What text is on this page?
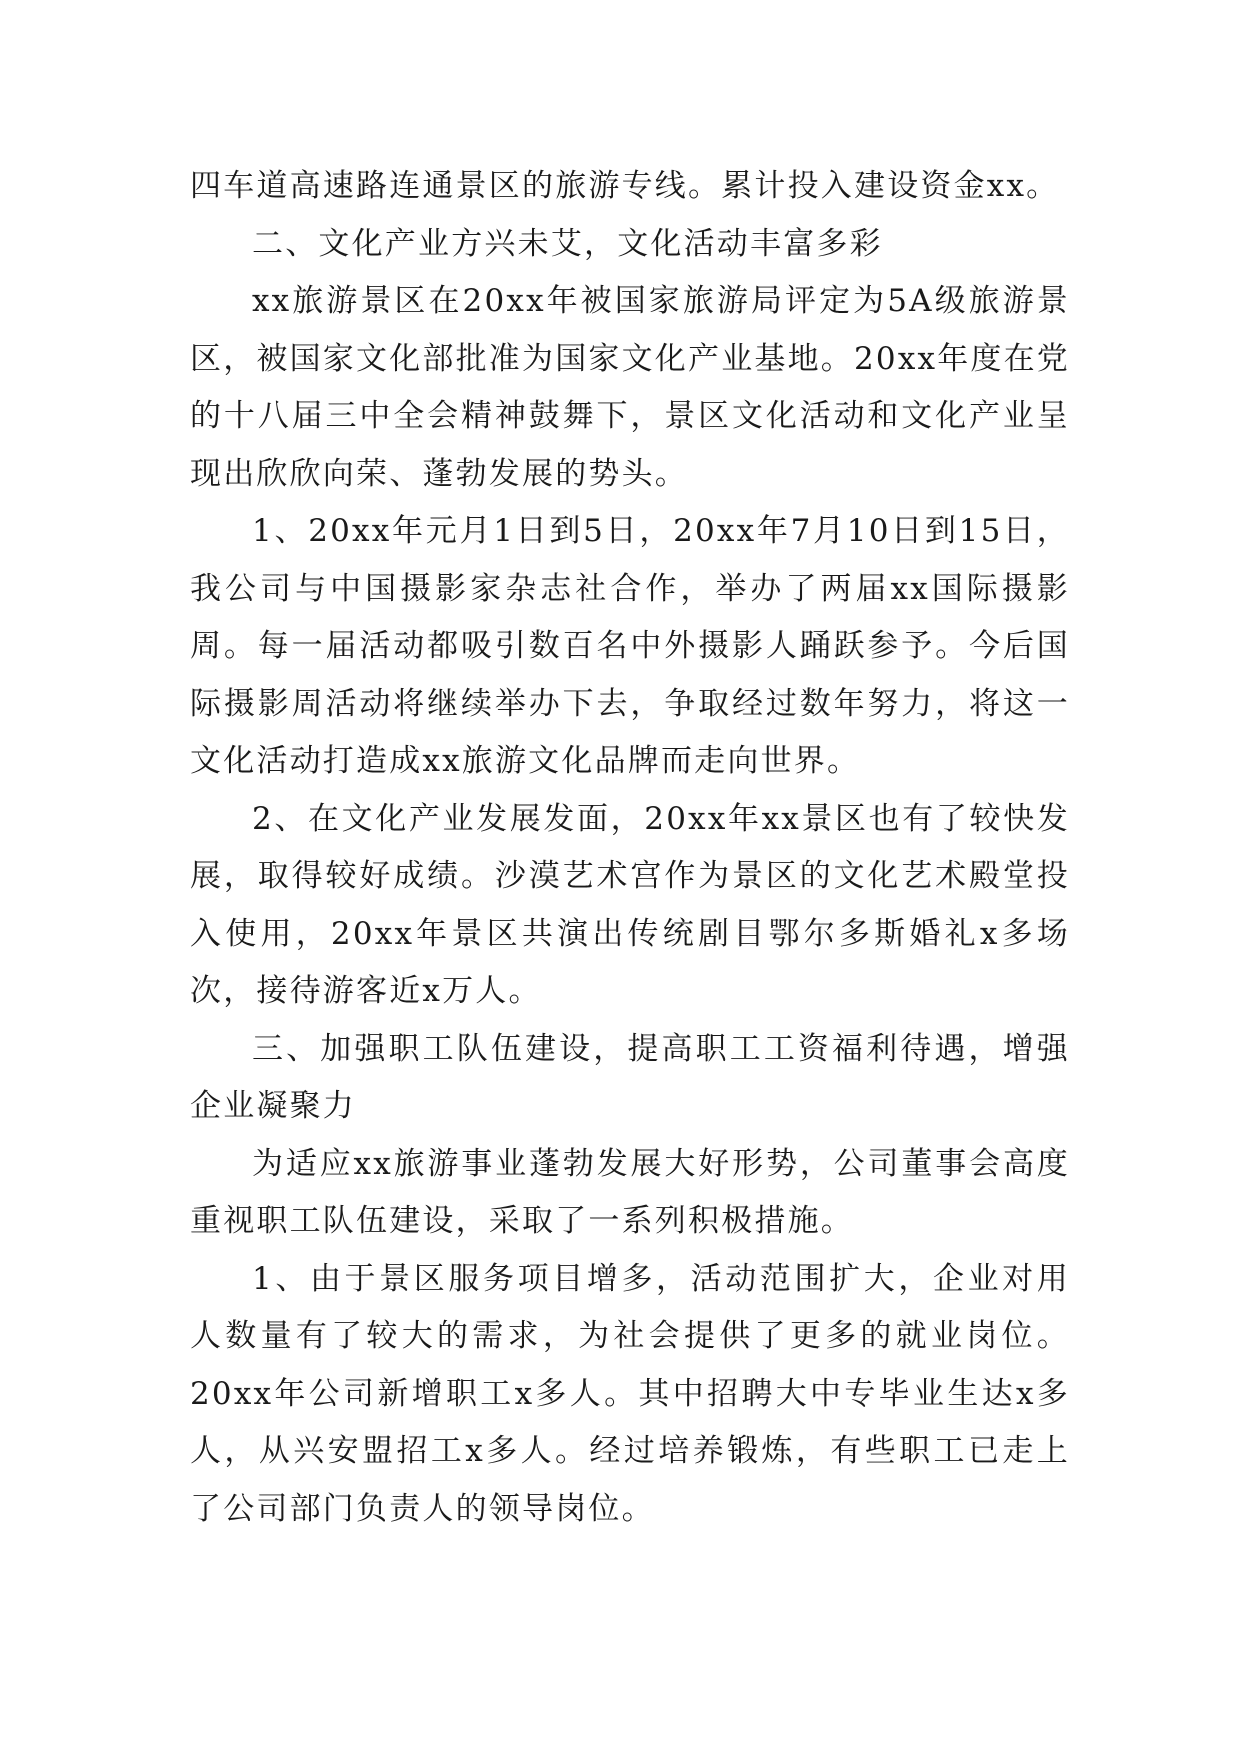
四车道高速路连通景区的旅游专线。累计投入建设资金xx。

二、文化产业方兴未艾，文化活动丰富多彩

xx旅游景区在20xx年被国家旅游局评定为5A级旅游景区，被国家文化部批准为国家文化产业基地。20xx年度在党的十八届三中全会精神鼓舞下，景区文化活动和文化产业呈现出欣欣向荣、蓬勃发展的势头。

1、20xx年元月1日到5日，20xx年7月10日到15日，我公司与中国摄影家杂志社合作，举办了两届xx国际摄影周。每一届活动都吸引数百名中外摄影人踊跃参予。今后国际摄影周活动将继续举办下去，争取经过数年努力，将这一文化活动打造成xx旅游文化品牌而走向世界。

2、在文化产业发展发面，20xx年xx景区也有了较快发展，取得较好成绩。沙漠艺术宫作为景区的文化艺术殿堂投入使用，20xx年景区共演出传统剧目鄂尔多斯婚礼x多场次，接待游客近x万人。

三、加强职工队伍建设，提高职工工资福利待遇，增强企业凝聚力

为适应xx旅游事业蓬勃发展大好形势，公司董事会高度重视职工队伍建设，采取了一系列积极措施。

1、由于景区服务项目增多，活动范围扩大，企业对用人数量有了较大的需求，为社会提供了更多的就业岗位。20xx年公司新增职工x多人。其中招聘大中专毕业生达x多人，从兴安盟招工x多人。经过培养锻炼，有些职工已走上了公司部门负责人的领导岗位。
